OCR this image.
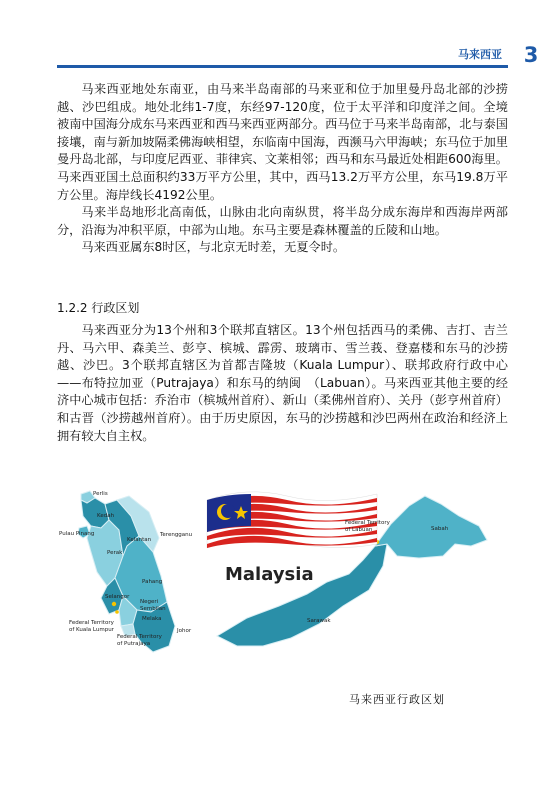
马来西亚 3

马来西亚地处东南亚，由马来半岛南部的马来亚和位于加里曼丹岛北部的沙捞越、沙巴组成。地处北纬1-7度，东经97-120度，位于太平洋和印度洋之间。全境被南中国海分成东马来西亚和西马来西亚两部分。西马位于马来半岛南部，北与泰国接壤，南与新加坡隔柔佛海峡相望，东临南中国海，西濒马六甲海峡；东马位于加里曼丹岛北部，与印度尼西亚、菲律宾、文莱相邻；西马和东马最近处相距600海里。马来西亚国土总面积约33万平方公里，其中，西马13.2万平方公里，东马19.8万平方公里。海岸线长4192公里。

马来半岛地形北高南低，山脉由北向南纵贯，将半岛分成东海岸和西海岸两部分，沿海为冲积平原，中部为山地。东马主要是森林覆盖的丘陵和山地。

马来西亚属东8时区，与北京无时差，无夏令时。

1.2.2 行政区划

马来西亚分为13个州和3个联邦直辖区。13个州包括西马的柔佛、吉打、吉兰丹、马六甲、森美兰、彭亨、槟城、霹雳、玻璃市、雪兰莪、登嘉楼和东马的沙捞越、沙巴。3个联邦直辖区为首都吉隆坡（Kuala Lumpur）、联邦政府行政中心——布特拉加亚（Putrajaya）和东马的纳闽　（Labuan）。马来西亚其他主要的经济中心城市包括：乔治市（槟城州首府）、新山（柔佛州首府）、关丹（彭亨州首府）和古晋（沙捞越州首府）。由于历史原因，东马的沙捞越和沙巴两州在政治和经济上拥有较大自主权。

Perlis
Kedah
Pulau Pinang
Perak
Kelantan
Terengganu
Pahang
Selangor
Negeri
Sembilan
Melaka
Johor
Federal Territory
of Kuala Lumpur
Federal Territory
of Putrajaya
Federal Territory
of Labuan	Sabah
Sarawak
Malaysia
马来西亚行政区划
